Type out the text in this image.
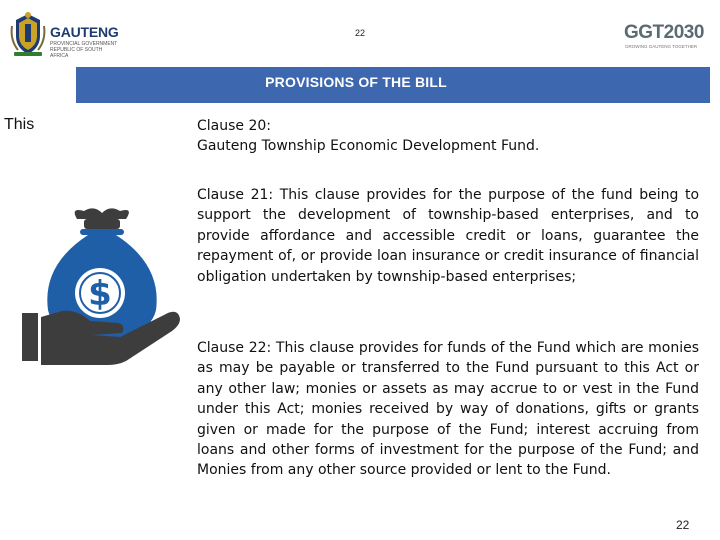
GAUTENG
PROVINCIAL GOVERNMENT
REPUBLIC OF SOUTH AFRICA
22	GGT2030
GROWING GAUTENG TOGETHER
PROVISIONS OF THE BILL
This
$
Clause 20:
Gauteng Township Economic Development Fund.
Clause 21: This clause provides for the purpose of the fund being to support the development of township-based enterprises, and to provide affordance and accessible credit or loans, guarantee the repayment of, or provide loan insurance or credit insurance of financial obligation undertaken by township-based enterprises;
Clause 22: This clause provides for funds of the Fund which are monies as may be payable or transferred to the Fund pursuant to this Act or any other law; monies or assets as may accrue to or vest in the Fund under this Act; monies received by way of donations, gifts or grants given or made for the purpose of the Fund; interest accruing from loans and other forms of investment for the purpose of the Fund; and Monies from any other source provided or lent to the Fund.
22
